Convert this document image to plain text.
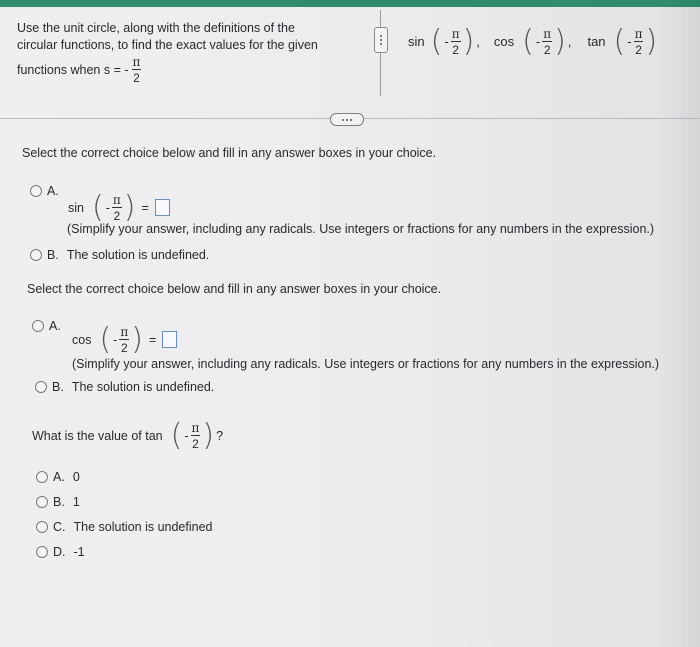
Use the unit circle, along with the definitions of the
circular functions, to find the exact values for the given
functions when s = - $\frac{\pi}{2}$
sin ( - $\frac{\pi}{2}$ ) , cos ( - $\frac{\pi}{2}$ ) , tan ( - $\frac{\pi}{2}$ )
Select the correct choice below and fill in any answer boxes in your choice.
A.
sin ( - $\frac{\pi}{2}$ ) =
(Simplify your answer, including any radicals. Use integers or fractions for any numbers in the expression.)
B. The solution is undefined.
Select the correct choice below and fill in any answer boxes in your choice.
A.
cos ( - $\frac{\pi}{2}$ ) =
(Simplify your answer, including any radicals. Use integers or fractions for any numbers in the expression.)
B. The solution is undefined.
What is the value of tan ( - $\frac{\pi}{2}$ ) ?
A. 0
B. 1
C. The solution is undefined
D. -1
